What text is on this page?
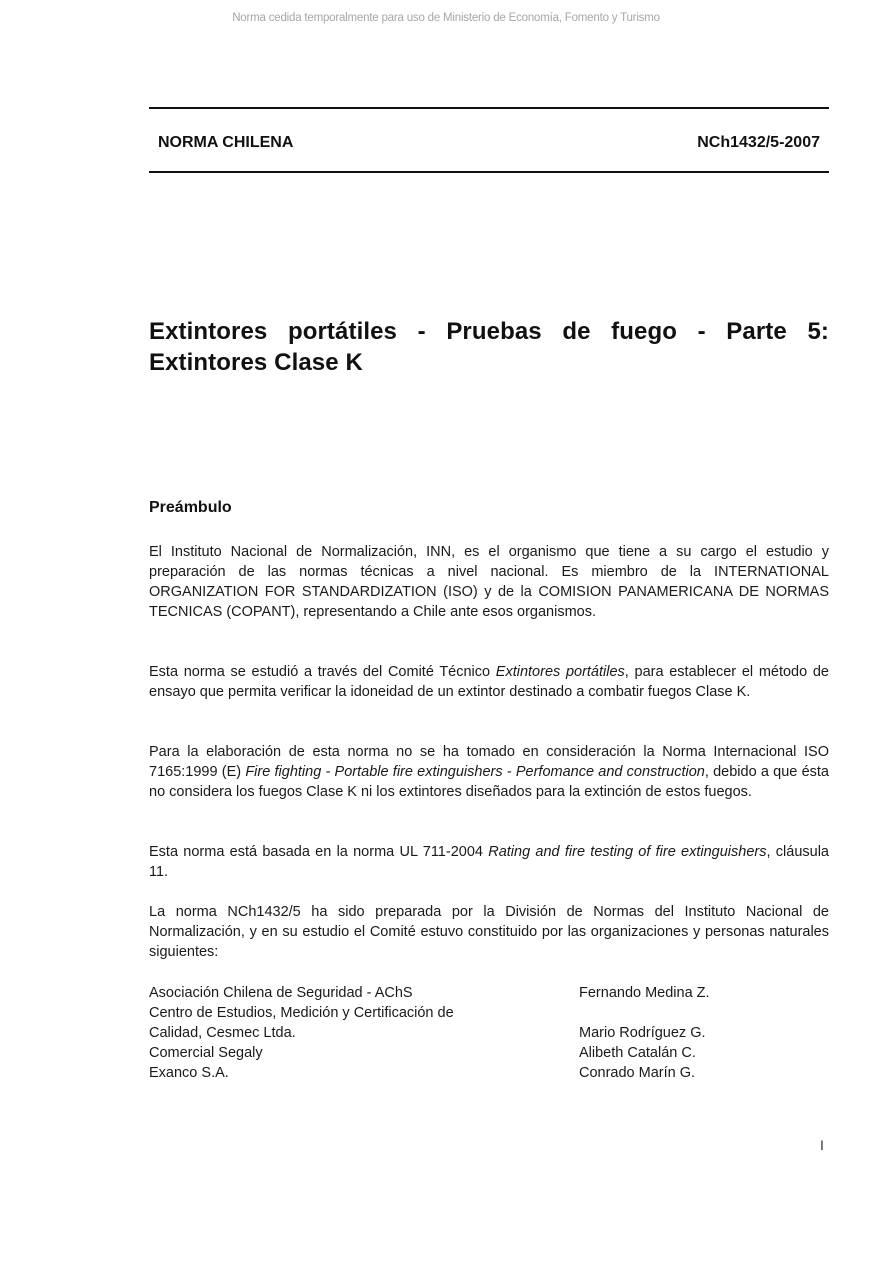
Norma cedida temporalmente para uso de Ministerio de Economía, Fomento y Turismo
NORMA CHILENA	NCh1432/5-2007
Extintores portátiles - Pruebas de fuego - Parte 5: Extintores Clase K
Preámbulo
El Instituto Nacional de Normalización, INN, es el organismo que tiene a su cargo el estudio y preparación de las normas técnicas a nivel nacional. Es miembro de la INTERNATIONAL ORGANIZATION FOR STANDARDIZATION (ISO) y de la COMISION PANAMERICANA DE NORMAS TECNICAS (COPANT), representando a Chile ante esos organismos.
Esta norma se estudió a través del Comité Técnico Extintores portátiles, para establecer el método de ensayo que permita verificar la idoneidad de un extintor destinado a combatir fuegos Clase K.
Para la elaboración de esta norma no se ha tomado en consideración la Norma Internacional ISO 7165:1999 (E) Fire fighting - Portable fire extinguishers - Perfomance and construction, debido a que ésta no considera los fuegos Clase K ni los extintores diseñados para la extinción de estos fuegos.
Esta norma está basada en la norma UL 711-2004 Rating and fire testing of fire extinguishers, cláusula 11.
La norma NCh1432/5 ha sido preparada por la División de Normas del Instituto Nacional de Normalización, y en su estudio el Comité estuvo constituido por las organizaciones y personas naturales siguientes:
Asociación Chilena de Seguridad - AChS	Fernando Medina Z.
Centro de Estudios, Medición y Certificación de
Calidad, Cesmec Ltda.	Mario Rodríguez G.
Comercial Segaly	Alibeth Catalán C.
Exanco S.A.	Conrado Marín G.
I
